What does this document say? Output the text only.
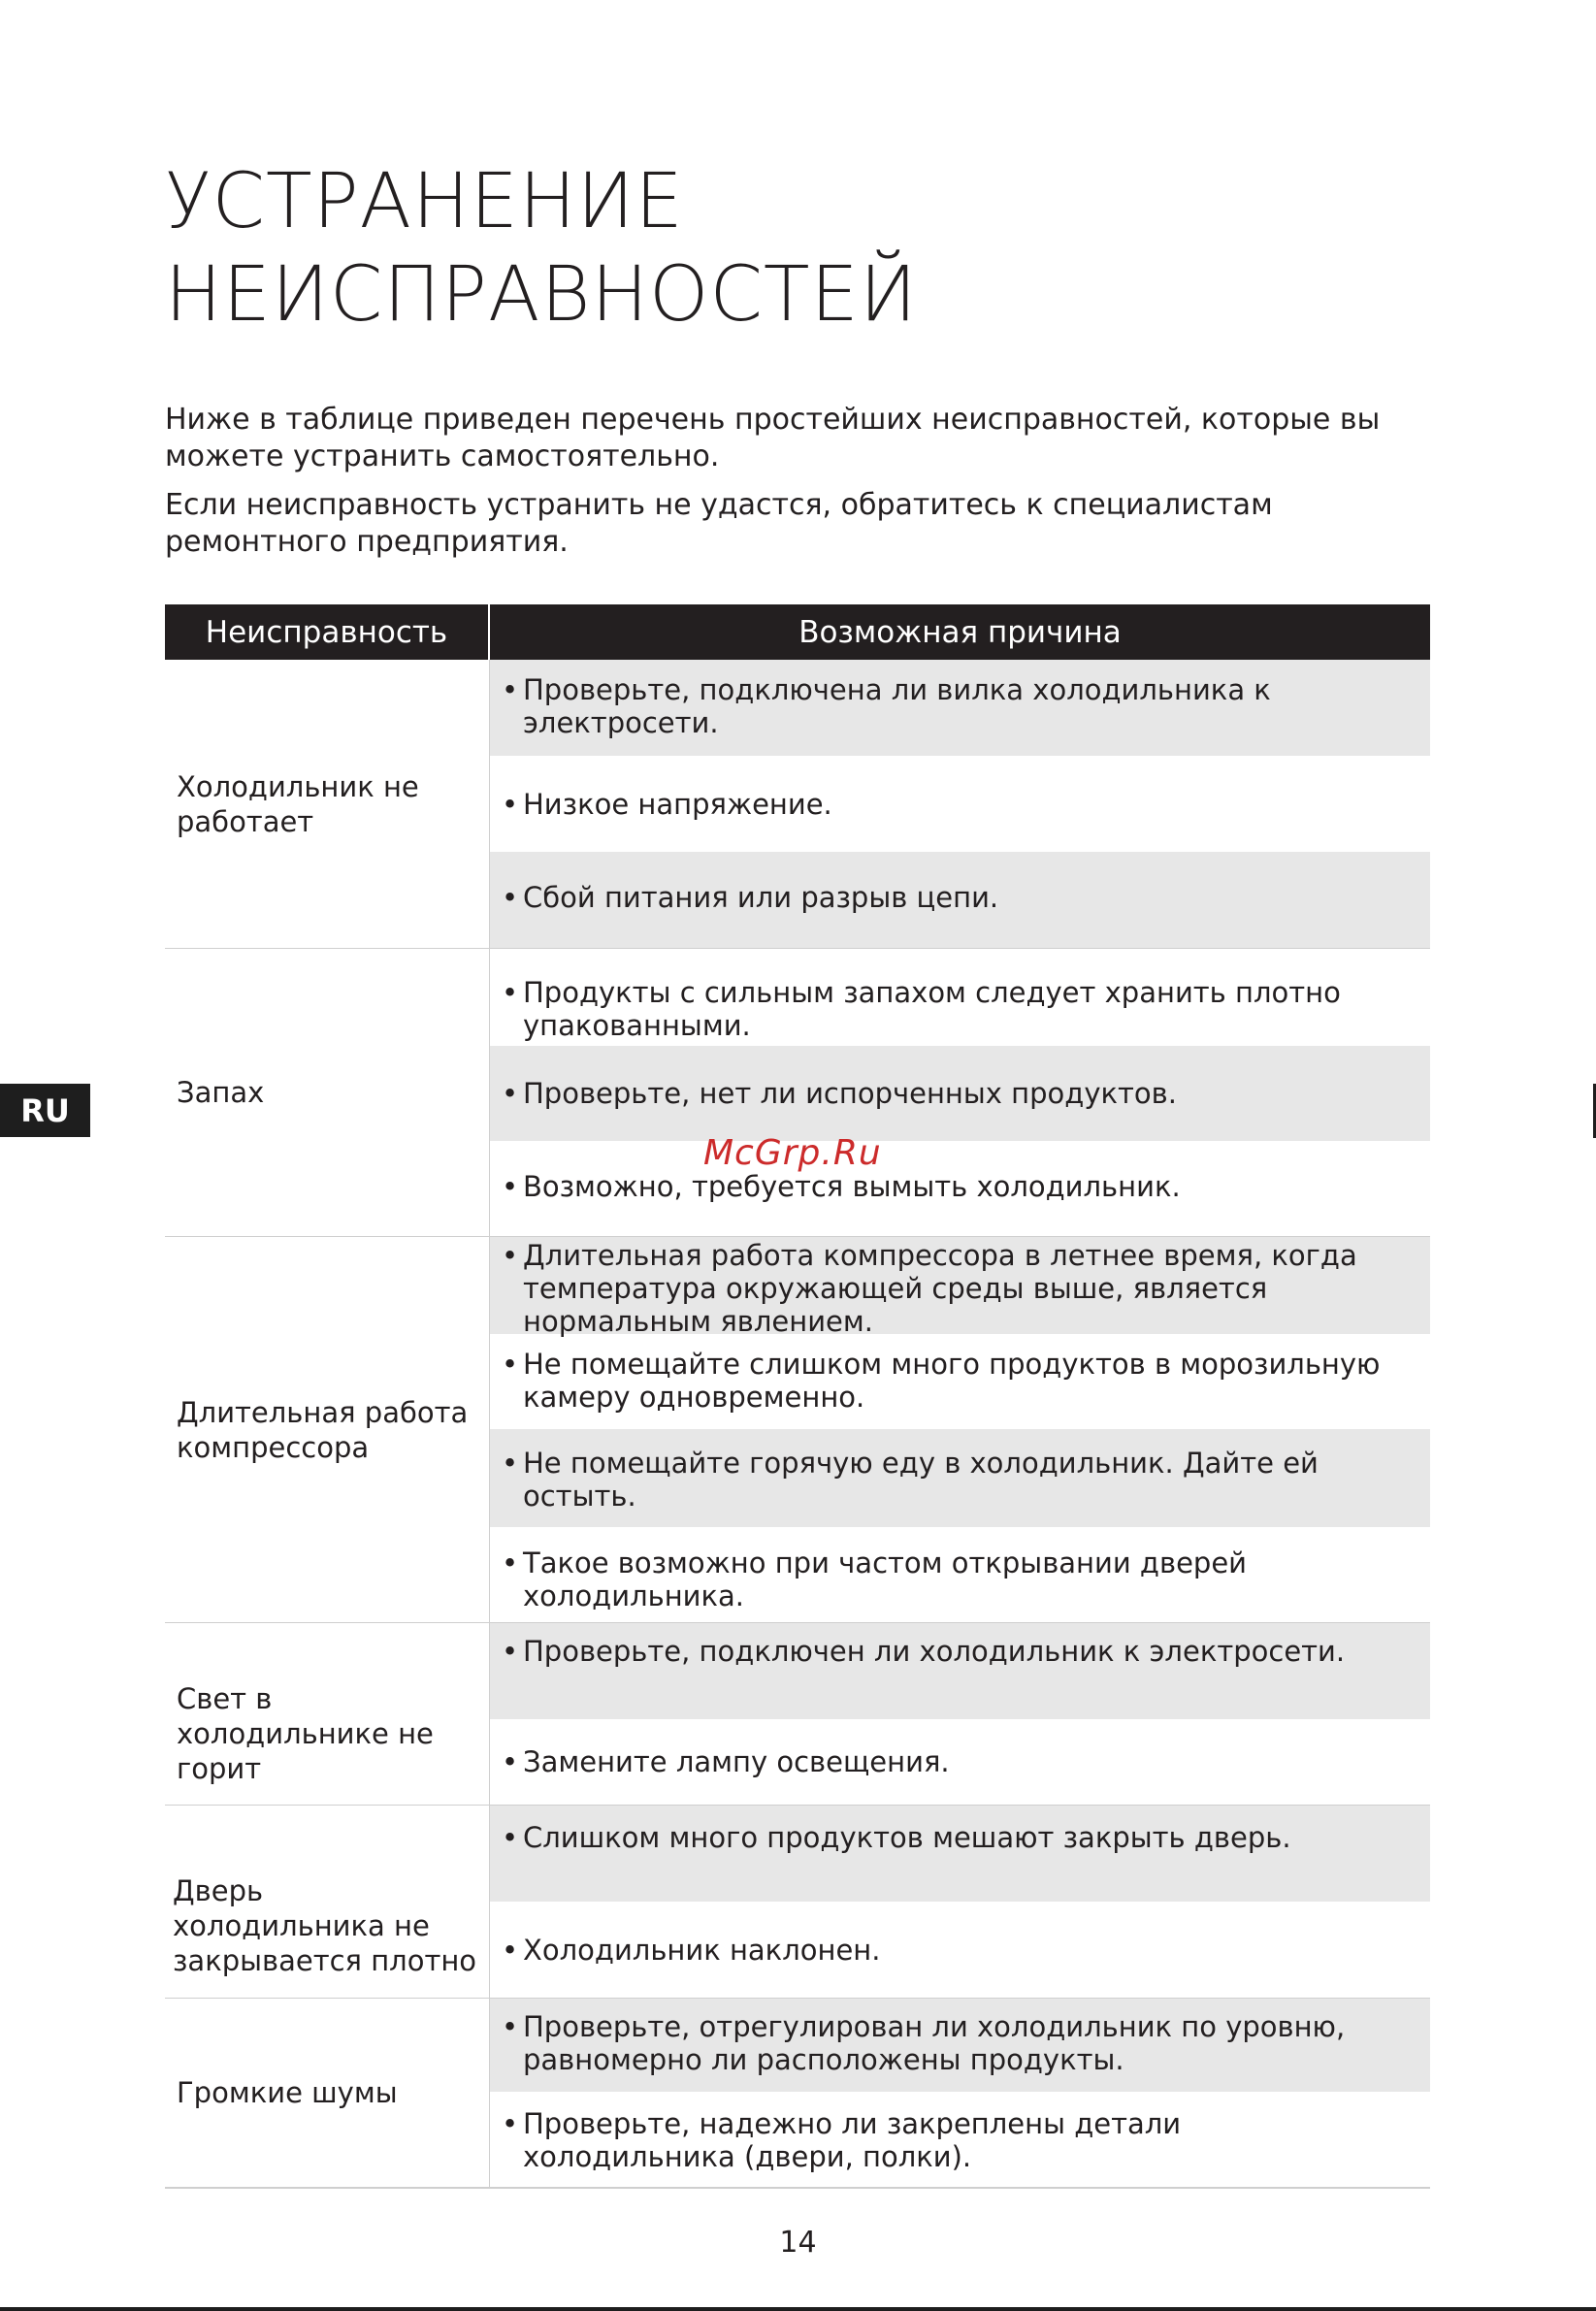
УСТРАНЕНИЕ
НЕИСПРАВНОСТЕЙ

Ниже в таблице приведен перечень простейших неисправностей, которые вы можете устранить самостоятельно.

Если неисправность устранить не удастся, обратитесь к специалистам ремонтного предприятия.

RU
Неисправность	Возможная причина
Холодильник не работает
• Проверьте, подключена ли вилка холодильника к электросети.
• Низкое напряжение.
• Сбой питания или разрыв цепи.
Запах
• Продукты с сильным запахом следует хранить плотно упакованными.
• Проверьте, нет ли испорченных продуктов.
• Возможно, требуется вымыть холодильник.
Длительная работа компрессора
• Длительная работа компрессора в летнее время, когда температура окружающей среды выше, является нормальным явлением.
• Не помещайте слишком много продуктов в морозильную камеру одновременно.
• Не помещайте горячую еду в холодильник. Дайте ей остыть.
• Такое возможно при частом открывании дверей холодильника.
Свет в холодильнике не горит
• Проверьте, подключен ли холодильник к электросети.
• Замените лампу освещения.
Дверь холодильника не закрывается плотно
• Слишком много продуктов мешают закрыть дверь.
• Холодильник наклонен.
Громкие шумы
• Проверьте, отрегулирован ли холодильник по уровню, равномерно ли расположены продукты.
• Проверьте, надежно ли закреплены детали холодильника (двери, полки).
McGrp.Ru
14
